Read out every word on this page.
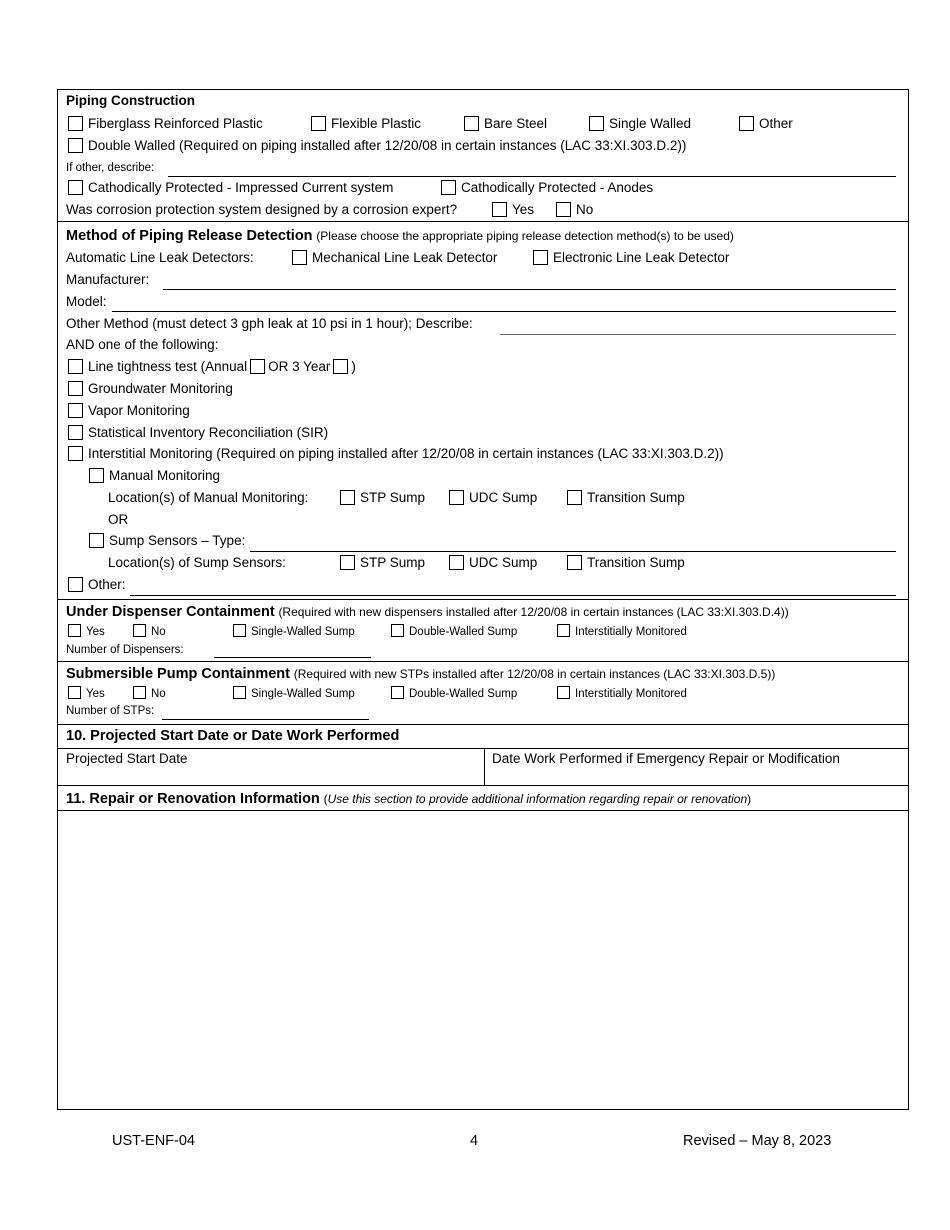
Piping Construction
Fiberglass Reinforced Plastic	Flexible Plastic	Bare Steel	Single Walled	Other
Double Walled (Required on piping installed after 12/20/08 in certain instances (LAC 33:XI.303.D.2))
If other, describe:
Cathodically Protected - Impressed Current system	Cathodically Protected - Anodes
Was corrosion protection system designed by a corrosion expert?	Yes	No
Method of Piping Release Detection (Please choose the appropriate piping release detection method(s) to be used)
Automatic Line Leak Detectors:	Mechanical Line Leak Detector	Electronic Line Leak Detector
Manufacturer:
Model:
Other Method (must detect 3 gph leak at 10 psi in 1 hour); Describe:
AND one of the following:
Line tightness test (Annual OR 3 Year )
Groundwater Monitoring
Vapor Monitoring
Statistical Inventory Reconciliation (SIR)
Interstitial Monitoring (Required on piping installed after 12/20/08 in certain instances (LAC 33:XI.303.D.2))
Manual Monitoring
Location(s) of Manual Monitoring:	STP Sump	UDC Sump	Transition Sump
OR
Sump Sensors – Type:
Location(s) of Sump Sensors:	STP Sump	UDC Sump	Transition Sump
Other:
Under Dispenser Containment (Required with new dispensers installed after 12/20/08 in certain instances (LAC 33:XI.303.D.4))
Yes	No	Single-Walled Sump	Double-Walled Sump	Interstitially Monitored
Number of Dispensers:
Submersible Pump Containment (Required with new STPs installed after 12/20/08 in certain instances (LAC 33:XI.303.D.5))
Yes	No	Single-Walled Sump	Double-Walled Sump	Interstitially Monitored
Number of STPs:
10. Projected Start Date or Date Work Performed
Projected Start Date	Date Work Performed if Emergency Repair or Modification
11. Repair or Renovation Information (Use this section to provide additional information regarding repair or renovation)
UST-ENF-04	4	Revised – May 8, 2023
